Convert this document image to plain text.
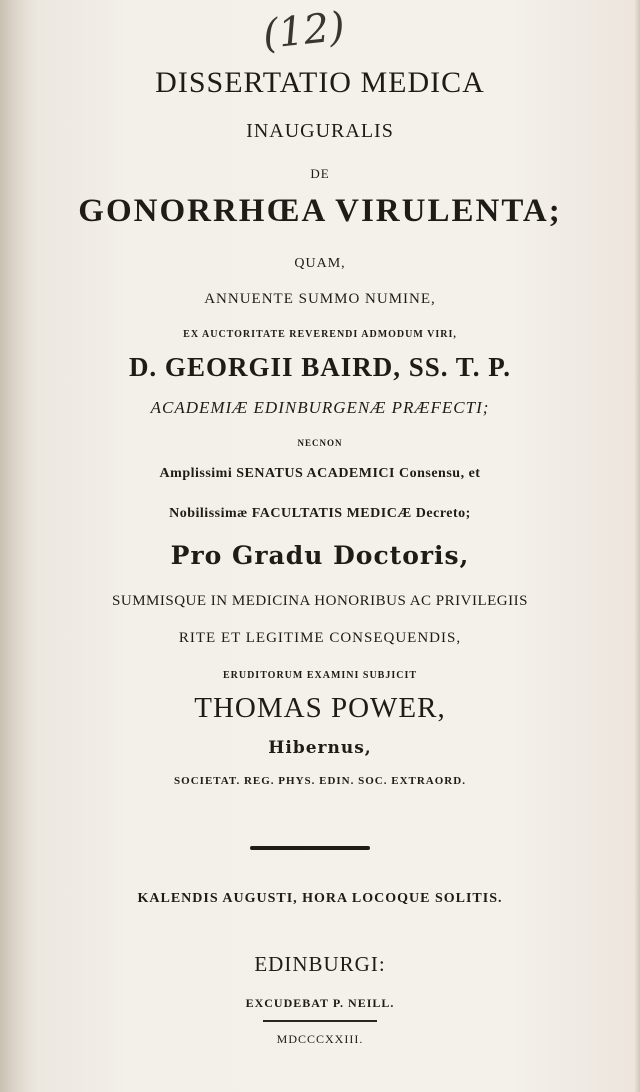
(12)

DISSERTATIO MEDICA

INAUGURALIS

DE

GONORRHŒA VIRULENTA;

QUAM,

ANNUENTE SUMMO NUMINE,

EX AUCTORITATE REVERENDI ADMODUM VIRI,

D. GEORGII BAIRD, SS. T. P.

ACADEMIÆ EDINBURGENÆ PRÆFECTI;

NECNON

Amplissimi SENATUS ACADEMICI Consensu, et

Nobilissimæ FACULTATIS MEDICÆ Decreto;

Pro Gradu Doctoris,

SUMMISQUE IN MEDICINA HONORIBUS AC PRIVILEGIIS

RITE ET LEGITIME CONSEQUENDIS,

ERUDITORUM EXAMINI SUBJICIT

THOMAS POWER,

Hibernus,

SOCIETAT. REG. PHYS. EDIN. SOC. EXTRAORD.

KALENDIS AUGUSTI, HORA LOCOQUE SOLITIS.

EDINBURGI:

EXCUDEBAT P. NEILL.

MDCCCXXIII.
